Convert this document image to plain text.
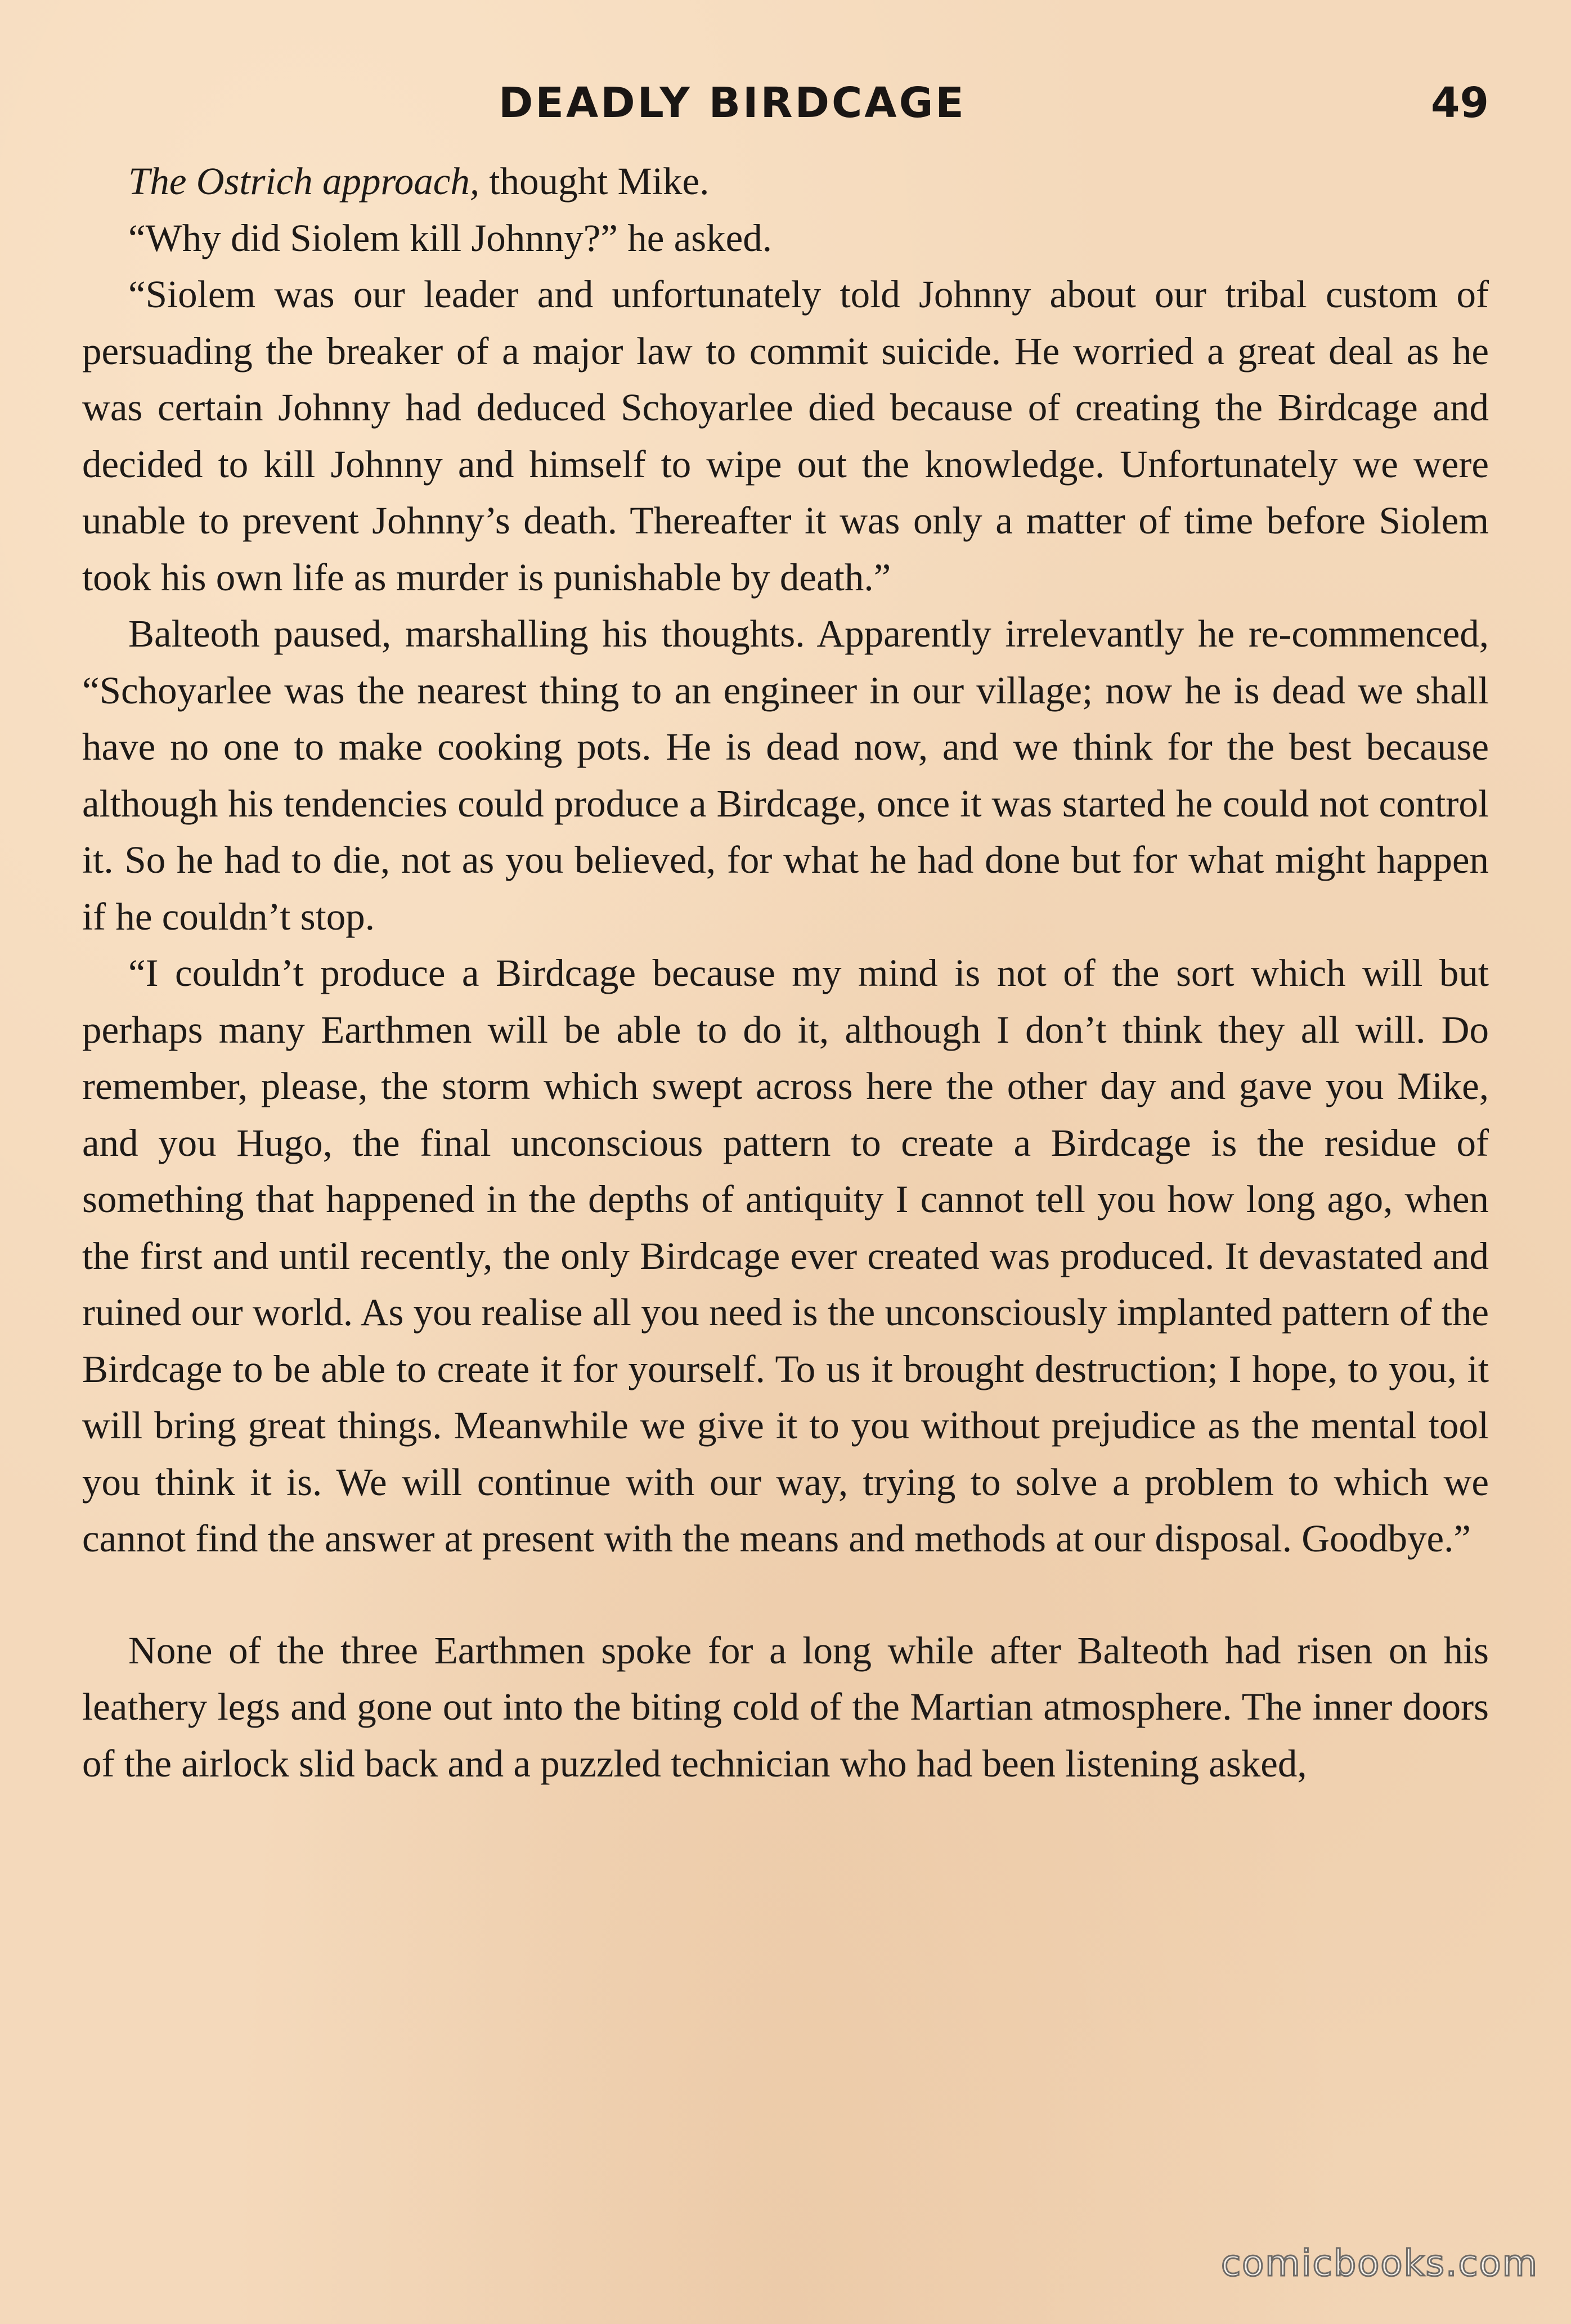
DEADLY BIRDCAGE	49

The Ostrich approach, thought Mike.

“Why did Siolem kill Johnny?” he asked.

“Siolem was our leader and unfortunately told Johnny about our tribal custom of persuading the breaker of a major law to commit suicide. He worried a great deal as he was certain Johnny had deduced Schoyarlee died because of creating the Birdcage and decided to kill Johnny and himself to wipe out the knowledge. Unfortunately we were unable to prevent Johnny’s death. Thereafter it was only a matter of time before Siolem took his own life as murder is punishable by death.”

Balteoth paused, marshalling his thoughts. Apparently irrelevantly he re-commenced, “Schoyarlee was the nearest thing to an engineer in our village; now he is dead we shall have no one to make cooking pots. He is dead now, and we think for the best because although his tendencies could produce a Birdcage, once it was started he could not control it. So he had to die, not as you believed, for what he had done but for what might happen if he couldn’t stop.

“I couldn’t produce a Birdcage because my mind is not of the sort which will but perhaps many Earthmen will be able to do it, although I don’t think they all will. Do remember, please, the storm which swept across here the other day and gave you Mike, and you Hugo, the final unconscious pattern to create a Birdcage is the residue of something that happened in the depths of antiquity I cannot tell you how long ago, when the first and until recently, the only Birdcage ever created was produced. It devastated and ruined our world. As you realise all you need is the unconsciously implanted pattern of the Birdcage to be able to create it for yourself. To us it brought destruction; I hope, to you, it will bring great things. Meanwhile we give it to you without prejudice as the mental tool you think it is. We will continue with our way, trying to solve a problem to which we cannot find the answer at present with the means and methods at our disposal. Goodbye.”

None of the three Earthmen spoke for a long while after Balteoth had risen on his leathery legs and gone out into the biting cold of the Martian atmosphere. The inner doors of the airlock slid back and a puzzled technician who had been listening asked,

comicbooks.com
